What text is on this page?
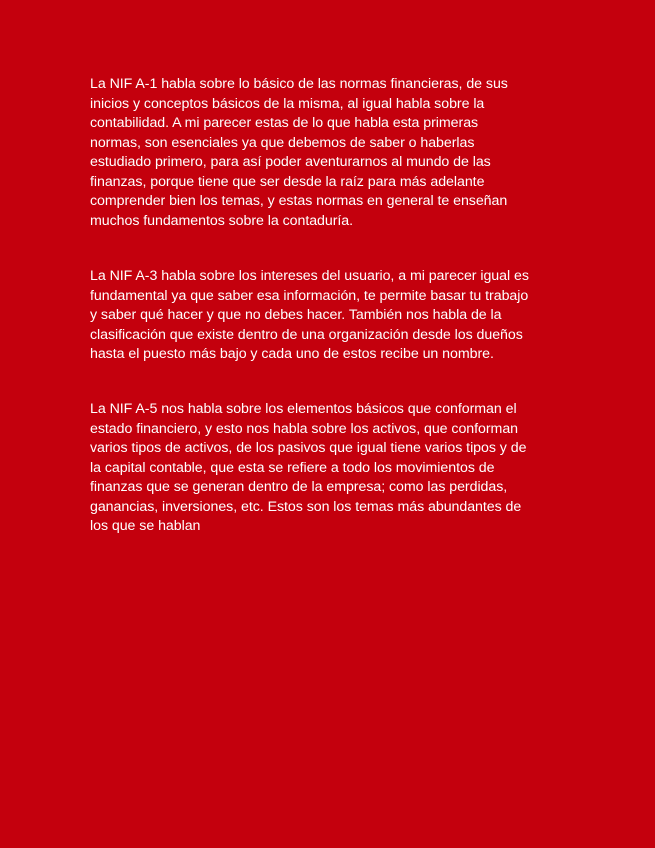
La NIF A-1 habla sobre lo básico de las normas financieras, de sus
inicios y conceptos básicos de la misma, al igual habla sobre la
contabilidad. A mi parecer estas de lo que habla esta primeras
normas, son esenciales ya que debemos de saber o haberlas
estudiado primero, para así poder aventurarnos al mundo de las
finanzas, porque tiene que ser desde la raíz para más adelante
comprender bien los temas, y estas normas en general te enseñan
muchos fundamentos sobre la contaduría.

La NIF A-3 habla sobre los intereses del usuario, a mi parecer igual es
fundamental ya que saber esa información, te permite basar tu trabajo
y saber qué hacer y que no debes hacer. También nos habla de la
clasificación que existe dentro de una organización desde los dueños
hasta el puesto más bajo y cada uno de estos recibe un nombre.

La NIF A-5 nos habla sobre los elementos básicos que conforman el
estado financiero, y esto nos habla sobre los activos, que conforman
varios tipos de activos, de los pasivos que igual tiene varios tipos y de
la capital contable, que esta se refiere a todo los movimientos de
finanzas que se generan dentro de la empresa; como las perdidas,
ganancias, inversiones, etc. Estos son los temas más abundantes de
los que se hablan
